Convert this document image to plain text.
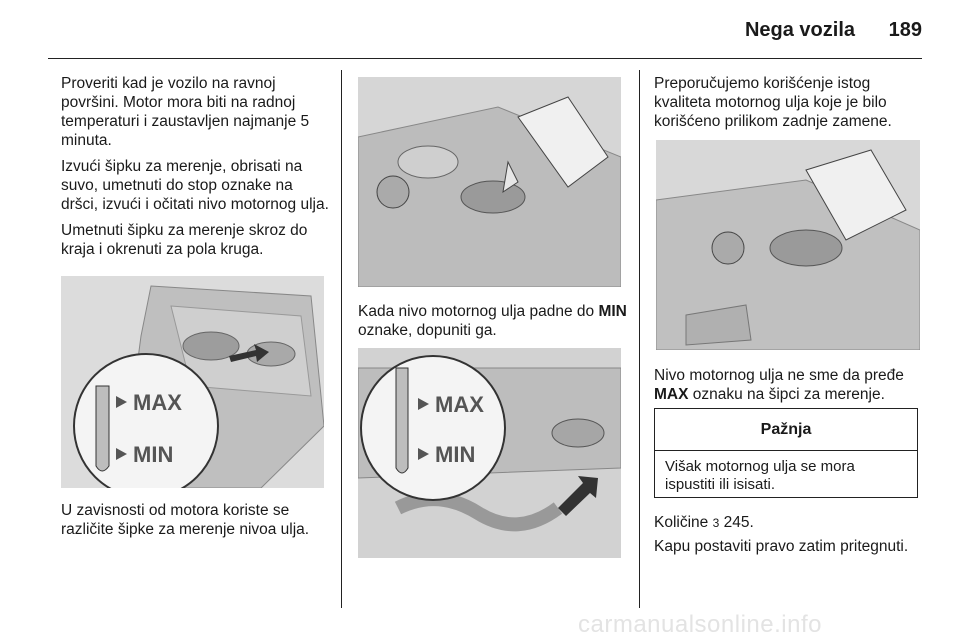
Nega vozila	189

Proveriti kad je vozilo na ravnoj površini. Motor mora biti na radnoj temperaturi i zaustavljen najmanje 5 minuta.

Izvući šipku za merenje, obrisati na suvo, umetnuti do stop oznake na dršci, izvući i očitati nivo motornog ulja.

Umetnuti šipku za merenje skroz do kraja i okrenuti za pola kruga.

MAX
MIN
U zavisnosti od motora koriste se različite šipke za merenje nivoa ulja.
Kada nivo motornog ulja padne do MIN oznake, dopuniti ga.
MAX
MIN
Preporučujemo korišćenje istog kvaliteta motornog ulja koje je bilo korišćeno prilikom zadnje zamene.
Nivo motornog ulja ne sme da pređe MAX oznaku na šipci za merenje.
Pažnja
Višak motornog ulja se mora ispustiti ili isisati.
Količine 3 245.
Kapu postaviti pravo zatim pritegnuti.
carmanualsonline.info
